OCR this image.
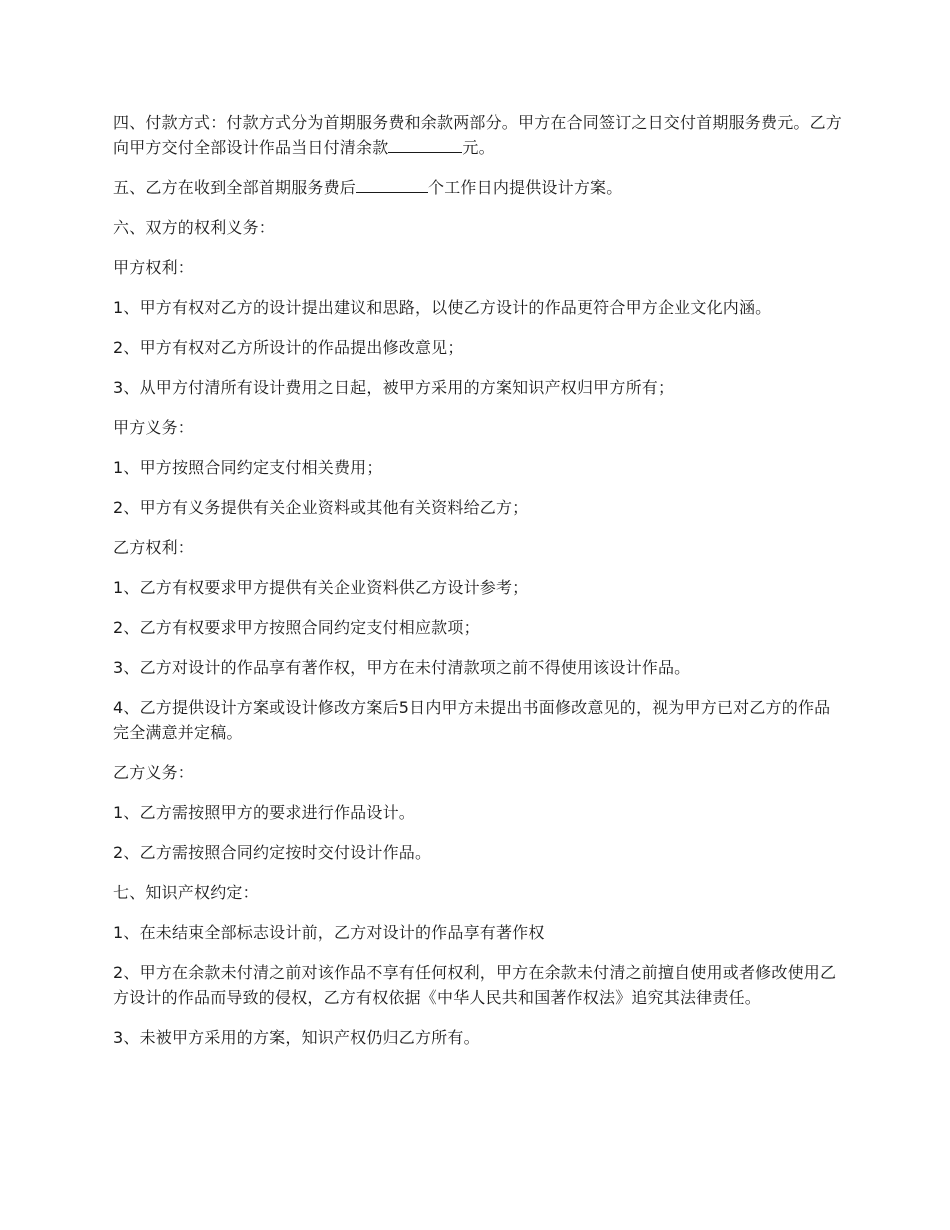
四、付款方式：付款方式分为首期服务费和余款两部分。甲方在合同签订之日交付首期服务费元。乙方向甲方交付全部设计作品当日付清余款	元。

五、乙方在收到全部首期服务费后	个工作日内提供设计方案。

六、双方的权利义务：

甲方权利：

1、甲方有权对乙方的设计提出建议和思路，以使乙方设计的作品更符合甲方企业文化内涵。

2、甲方有权对乙方所设计的作品提出修改意见；

3、从甲方付清所有设计费用之日起，被甲方采用的方案知识产权归甲方所有；

甲方义务：

1、甲方按照合同约定支付相关费用；

2、甲方有义务提供有关企业资料或其他有关资料给乙方；

乙方权利：

1、乙方有权要求甲方提供有关企业资料供乙方设计参考；

2、乙方有权要求甲方按照合同约定支付相应款项；

3、乙方对设计的作品享有著作权，甲方在未付清款项之前不得使用该设计作品。

4、乙方提供设计方案或设计修改方案后5日内甲方未提出书面修改意见的，视为甲方已对乙方的作品完全满意并定稿。

乙方义务：

1、乙方需按照甲方的要求进行作品设计。

2、乙方需按照合同约定按时交付设计作品。

七、知识产权约定：

1、在未结束全部标志设计前，乙方对设计的作品享有著作权

2、甲方在余款未付清之前对该作品不享有任何权利，甲方在余款未付清之前擅自使用或者修改使用乙方设计的作品而导致的侵权，乙方有权依据《中华人民共和国著作权法》追究其法律责任。

3、未被甲方采用的方案，知识产权仍归乙方所有。
